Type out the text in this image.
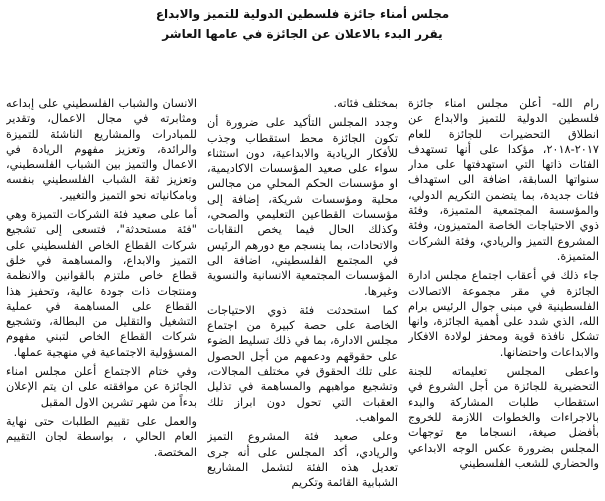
مجلس أمناء جائزة فلسطين الدولية للتميز والابداع
يقرر البدء بالاعلان عن الجائزة في عامها العاشر

رام الله- أعلن مجلس امناء جائزة فلسطين الدولية للتميز والابداع عن انطلاق التحضيرات للجائزة للعام ٢٠١٧-٢٠١٨، مؤكدا على أنها تستهدف الفئات ذاتها التي استهدفتها على مدار سنواتها السابقة، اضافة الى استهداف فئات جديدة، بما يتضمن التكريم الدولي، والمؤسسة المجتمعية المتميزة، وفئة ذوي الاحتياجات الخاصة المتميزون، وفئة المشروع التميز والريادي، وفئة الشركات المتميزة.

جاء ذلك في أعقاب اجتماع مجلس ادارة الجائزة في مقر مجموعة الاتصالات الفلسطينية في مبنى جوال الرئيس برام الله، الذي شدد على أهمية الجائزة، وانها تشكل نافذة قوية ومحفز لولادة الافكار والابداعات واحتضانها.

واعطى المجلس تعليماته للجنة التحضيرية للجائزة من أجل الشروع في استقطاب طلبات المشاركة والبدء بالاجراءات والخطوات اللازمة للخروج بأفضل صيغة، انسجاما مع توجهات المجلس بضرورة عكس الوجه الابداعي والحضاري للشعب الفلسطيني

بمختلف فئاته.

وجدد المجلس التأكيد على ضرورة أن تكون الجائزة محط استقطاب وجذب للأفكار الريادية والابداعية، دون استثناء سواء على صعيد المؤسسات الاكاديمية، او مؤسسات الحكم المحلي من مجالس محلية ومؤسسات شريكة، إضافة إلى مؤسسات القطاعين التعليمي والصحي، وكذلك الحال فيما يخص النقابات والاتحادات، بما ينسجم مع دورهم الرئيس في المجتمع الفلسطيني، اضافة الى المؤسسات المجتمعية الانسانية والنسوية وغيرها.

كما استحدثت فئة ذوي الاحتياجات الخاصة على حصة كبيرة من اجتماع مجلس الادارة، بما في ذلك تسليط الضوء على حقوقهم ودعمهم من أجل الحصول على تلك الحقوق في مختلف المجالات، وتشجيع مواهبهم والمساهمة في تذليل العقبات التي تحول دون ابراز تلك المواهب.

وعلى صعيد فئة المشروع التميز والريادي، أكد المجلس على أنه جرى تعديل هذه الفئة لتشمل المشاريع الشبابية القائمة وتكريم

الانسان والشباب الفلسطيني على إبداعه ومثابرته في مجال الاعمال، وتقدير للمبادرات والمشاريع الناشئة للتميزة والرائدة، وتعزيز مفهوم الريادة في الاعمال والتميز بين الشباب الفلسطيني، وتعزيز ثقة الشباب الفلسطيني بنفسه وبامكانياته نحو التميز والتغيير.

أما على صعيد فئة الشركات التميزة وهي "فئة مستحدثة"، فتسعى إلى تشجيع شركات القطاع الخاص الفلسطيني على التميز والابداع، والمساهمة في خلق قطاع خاص ملتزم بالقوانين والانظمة ومنتجات ذات جودة عالية، وتحفيز هذا القطاع على المساهمة في عملية التشغيل والتقليل من البطالة، وتشجيع شركات القطاع الخاص لتبني مفهوم المسؤولية الاجتماعية في منهجية عملها.

وفي ختام الاجتماع أعلن مجلس امناء الجائزة عن موافقته على ان يتم الإعلان بدءاً من شهر تشرين الاول المقبل

والعمل على تقييم الطلبات حتى نهاية العام الحالي ، بواسطة لجان التقييم المختصة.
